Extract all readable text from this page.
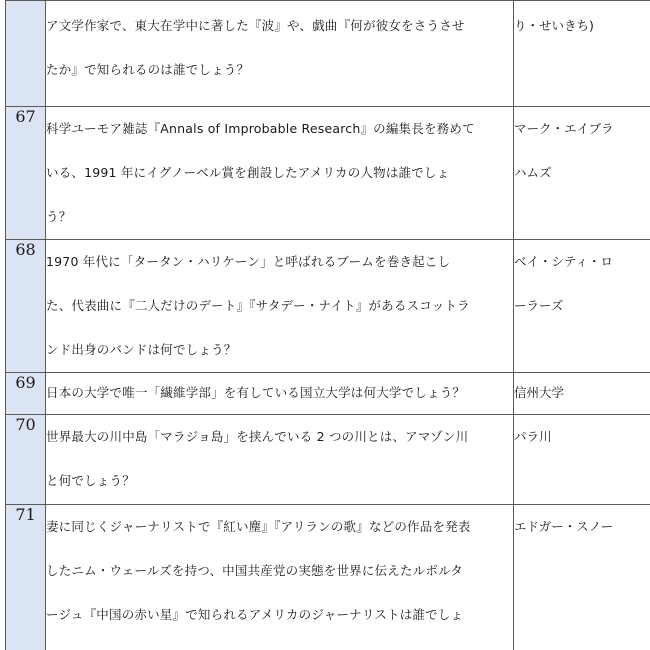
	ア文学作家で、東大在学中に著した『波』や、戯曲『何が彼女をさうさせ
たか』で知られるのは誰でしょう？	り・せいきち)

67	科学ユーモア雑誌『Annals of Improbable Research』の編集長を務めて
いる、1991 年にイグノーベル賞を創設したアメリカの人物は誰でしょ
う？	マーク・エイブラ
ハムズ

68	1970 年代に「タータン・ハリケーン」と呼ばれるブームを巻き起こし
た、代表曲に『二人だけのデート』『サタデー・ナイト』があるスコットラ
ンド出身のバンドは何でしょう？	ベイ・シティ・ロ
ーラーズ

69	日本の大学で唯一「繊維学部」を有している国立大学は何大学でしょう？	信州大学

70	世界最大の川中島「マラジョ島」を挟んでいる 2 つの川とは、アマゾン川
と何でしょう？	パラ川

71	妻に同じくジャーナリストで『紅い塵』『アリランの歌』などの作品を発表
したニム・ウェールズを持つ、中国共産党の実態を世界に伝えたルポルタ
ージュ『中国の赤い星』で知られるアメリカのジャーナリストは誰でしょ	エドガー・スノー
